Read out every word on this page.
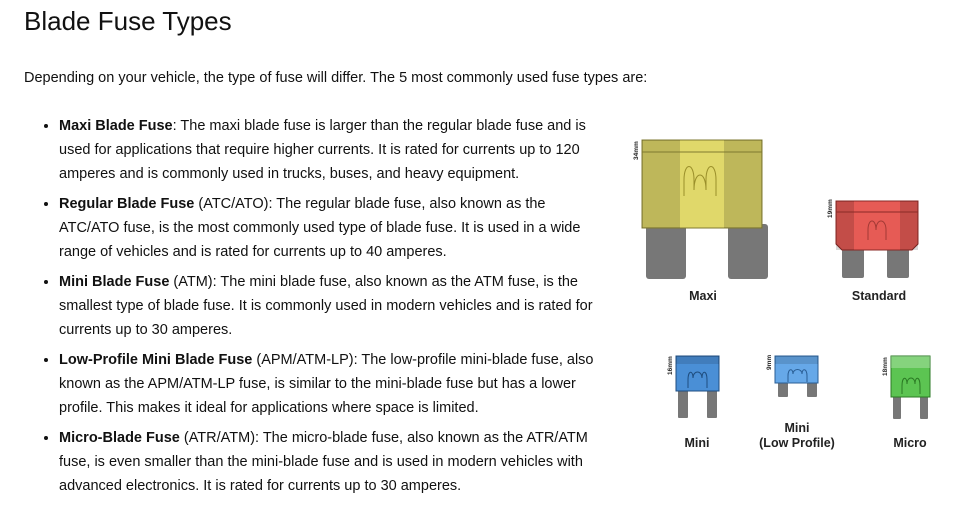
Blade Fuse Types

Depending on your vehicle, the type of fuse will differ. The 5 most commonly used fuse types are:

• Maxi Blade Fuse: The maxi blade fuse is larger than the regular blade fuse and is used for applications that require higher currents. It is rated for currents up to 120 amperes and is commonly used in trucks, buses, and heavy equipment.
• Regular Blade Fuse (ATC/ATO): The regular blade fuse, also known as the ATC/ATO fuse, is the most commonly used type of blade fuse. It is used in a wide range of vehicles and is rated for currents up to 40 amperes.
• Mini Blade Fuse (ATM): The mini blade fuse, also known as the ATM fuse, is the smallest type of blade fuse. It is commonly used in modern vehicles and is rated for currents up to 30 amperes.
• Low-Profile Mini Blade Fuse (APM/ATM-LP): The low-profile mini-blade fuse, also known as the APM/ATM-LP fuse, is similar to the mini-blade fuse but has a lower profile. This makes it ideal for applications where space is limited.
• Micro-Blade Fuse (ATR/ATM): The micro-blade fuse, also known as the ATR/ATM fuse, is even smaller than the mini-blade fuse and is used in modern vehicles with advanced electronics. It is rated for currents up to 30 amperes.
34mm
Maxi
19mm
Standard
16mm
Mini
9mm
Mini
(Low Profile)
18mm
Micro
